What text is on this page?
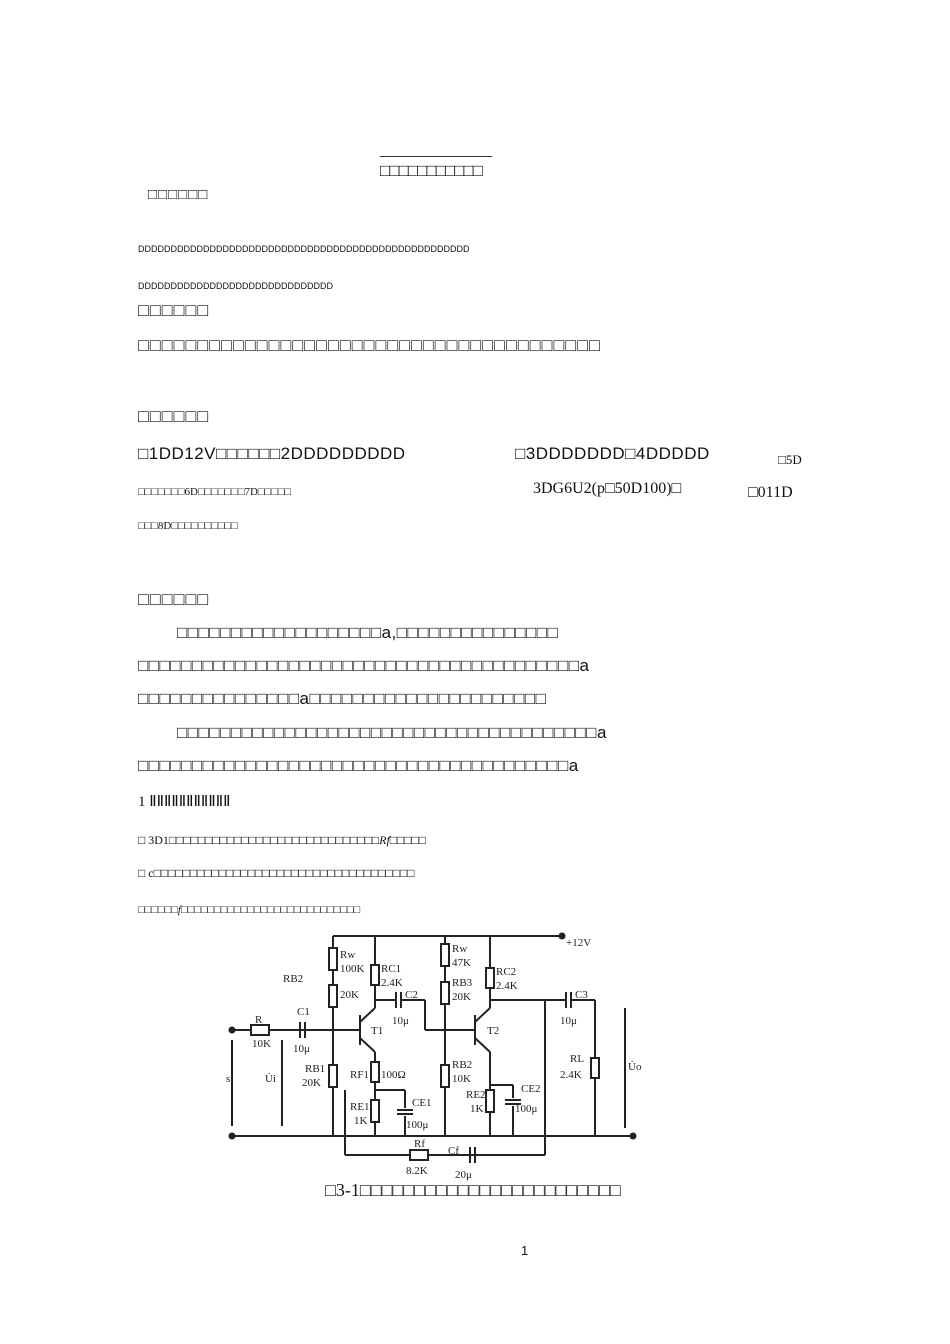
□□□□□□□□□□□
□□□□□□
DDDDDDDDDDDDDDDDDDDDDDDDDDDDDDDDDDDDDDDDDDDDDDDDDDD
DDDDDDDDDDDDDDDDDDDDDDDDDDDDDD
□□□□□□
□□□□□□□□□□□□□□□□□□□□□□□□□□□□□□□□□□□□□□□
□□□□□□
□1DD12V□□□□□□2DDDDDDDDD	□3DDDDDDD□4DDDDD	□5D
□□□□□□□6D□□□□□□□7D□□□□□	3DG6U2(p□50D100)□	□011D
□□□8D□□□□□□□□□□
□□□□□□
□□□□□□□□□□□□□□□□□□□a,□□□□□□□□□□□□□□□
□□□□□□□□□□□□□□□□□□□□□□□□□□□□□□□□□□□□□□□□□a
□□□□□□□□□□□□□□□a□□□□□□□□□□□□□□□□□□□□□□
□□□□□□□□□□□□□□□□□□□□□□□□□□□□□□□□□□□□□□□a
□□□□□□□□□□□□□□□□□□□□□□□□□□□□□□□□□□□□□□□□a
1 ⅡⅡⅡⅡⅡⅡⅡⅡⅡⅡⅡ
□ 3D1□□□□□□□□□□□□□□□□□□□□□□□□□□□□□Rf□□□□□
□ c□□□□□□□□□□□□□□□□□□□□□□□□□□□□□□□□□□□□
□□□□□□f□□□□□□□□□□□□□□□□□□□□□□□□□□□
+12V
RB2
Rw
100K
20K
RC1
2.4K
C2
10μ
Rw
47K
RB3
20K
RC2
2.4K
C3
10μ
R
10K
C1
10μ
T1	T2
RB1
20K
RF1 100Ω
RE1
1K
CE1
100μ
RB2
10K
RE2
1K
CE2
100μ
RL
2.4K
s	U̇i
U̇o
Rf
8.2K
Cf
20μ
□3-1□□□□□□□□□□□□□□□□□□□□□□□□
1
